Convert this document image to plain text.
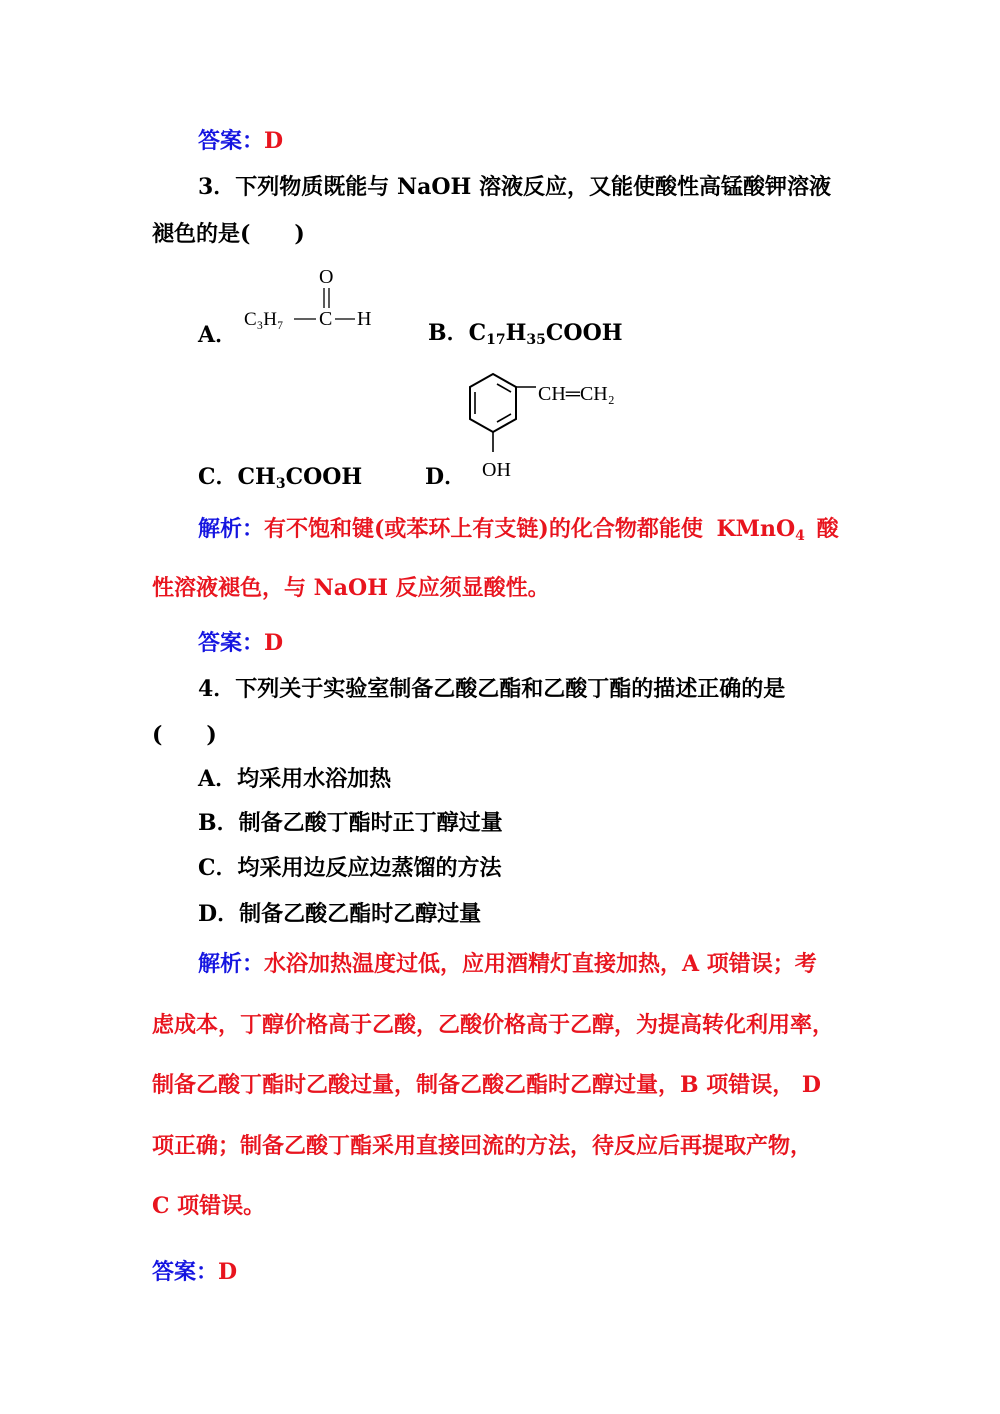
答案：D
3．下列物质既能与 NaOH 溶液反应，又能使酸性高锰酸钾溶液
褪色的是(　　)
A．
O
C₃H₇ C H
B．$C_{17}H_{35}COOH$
C．$CH_3COOH$	D．
CH═CH₂
OH
解析：有不饱和键(或苯环上有支链)的化合物都能使 KMnO$_4$ 酸
性溶液褪色，与 NaOH 反应须显酸性。
答案：D
4．下列关于实验室制备乙酸乙酯和乙酸丁酯的描述正确的是
(　　)
A．均采用水浴加热
B．制备乙酸丁酯时正丁醇过量
C．均采用边反应边蒸馏的方法
D．制备乙酸乙酯时乙醇过量
解析：水浴加热温度过低，应用酒精灯直接加热，A 项错误；考
虑成本，丁醇价格高于乙酸，乙酸价格高于乙醇，为提高转化利用率，
制备乙酸丁酯时乙酸过量，制备乙酸乙酯时乙醇过量，B 项错误， D
项正确；制备乙酸丁酯采用直接回流的方法，待反应后再提取产物，
C 项错误。
答案：D
